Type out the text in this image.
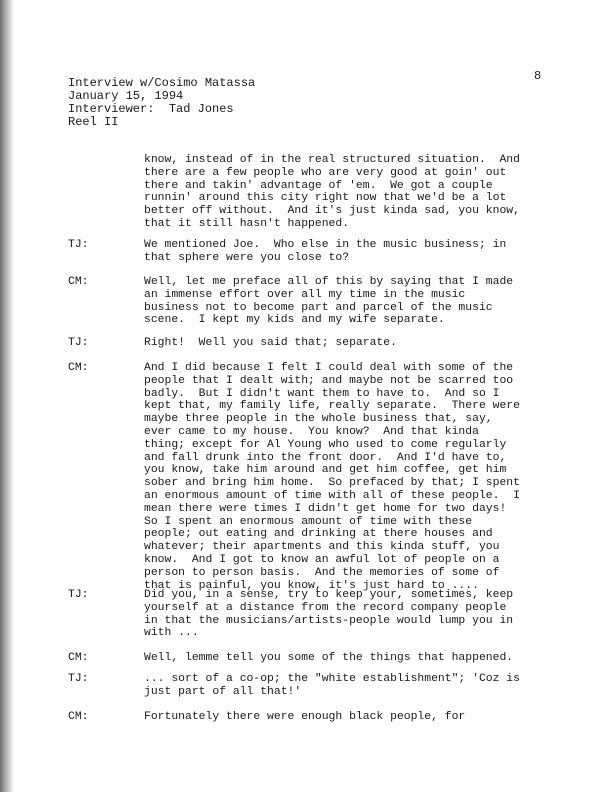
8
Interview w/Cosimo Matassa
January 15, 1994
Interviewer:  Tad Jones
Reel II
know, instead of in the real structured situation.  And
there are a few people who are very good at goin' out
there and takin' advantage of 'em.  We got a couple
runnin' around this city right now that we'd be a lot
better off without.  And it's just kinda sad, you know,
that it still hasn't happened.
TJ:	We mentioned Joe.  Who else in the music business; in
that sphere were you close to?
CM:	Well, let me preface all of this by saying that I made
an immense effort over all my time in the music
business not to become part and parcel of the music
scene.  I kept my kids and my wife separate.
TJ:	Right!  Well you said that; separate.
CM:	And I did because I felt I could deal with some of the
people that I dealt with; and maybe not be scarred too
badly.  But I didn't want them to have to.  And so I
kept that, my family life, really separate.  There were
maybe three people in the whole business that, say,
ever came to my house.  You know?  And that kinda
thing; except for Al Young who used to come regularly
and fall drunk into the front door.  And I'd have to,
you know, take him around and get him coffee, get him
sober and bring him home.  So prefaced by that; I spent
an enormous amount of time with all of these people.  I
mean there were times I didn't get home for two days!
So I spent an enormous amount of time with these
people; out eating and drinking at there houses and
whatever; their apartments and this kinda stuff, you
know.  And I got to know an awful lot of people on a
person to person basis.  And the memories of some of
that is painful, you know, it's just hard to ....
TJ:	Did you, in a sense, try to keep your, sometimes, keep
yourself at a distance from the record company people
in that the musicians/artists-people would lump you in
with ...
CM:	Well, lemme tell you some of the things that happened.
TJ:	... sort of a co-op; the "white establishment"; 'Coz is
just part of all that!'
CM:	Fortunately there were enough black people, for
